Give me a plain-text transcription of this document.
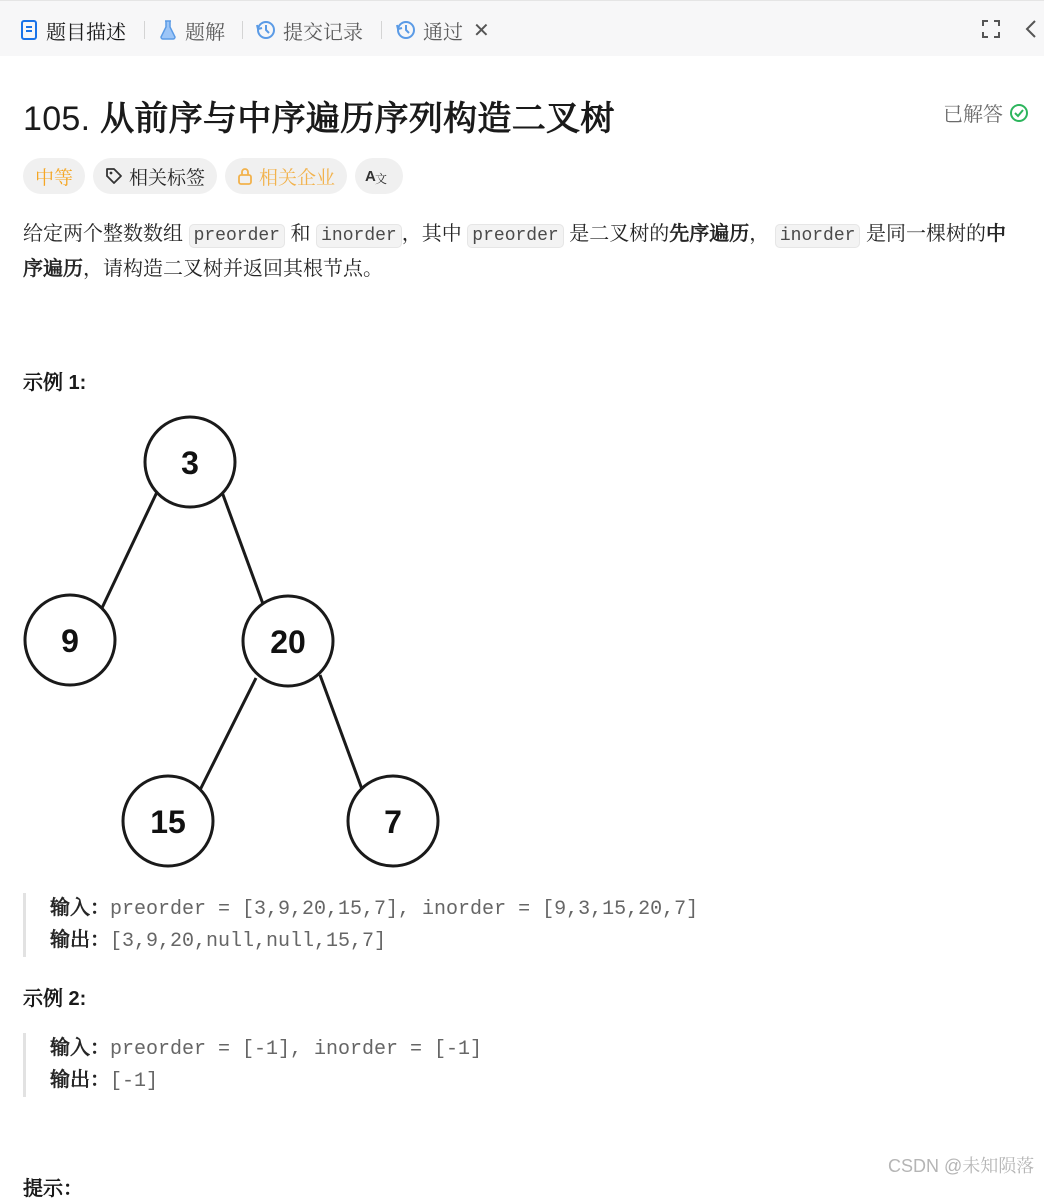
题目描述	题解	提交记录	通过 ✕
105. 从前序与中序遍历序列构造二叉树	已解答
中等	相关标签	相关企业 A 文
给定两个整数数组 preorder 和 inorder ，其中 preorder 是二叉树的先序遍历， inorder 是同一棵树的中序遍历，请构造二叉树并返回其根节点。
示例 1:
3
9	20
15	7
输入：preorder = [3,9,20,15,7], inorder = [9,3,15,20,7]
输出：[3,9,20,null,null,15,7]
示例 2:
输入：preorder = [-1], inorder = [-1]
输出：[-1]
提示：
CSDN @未知陨落
